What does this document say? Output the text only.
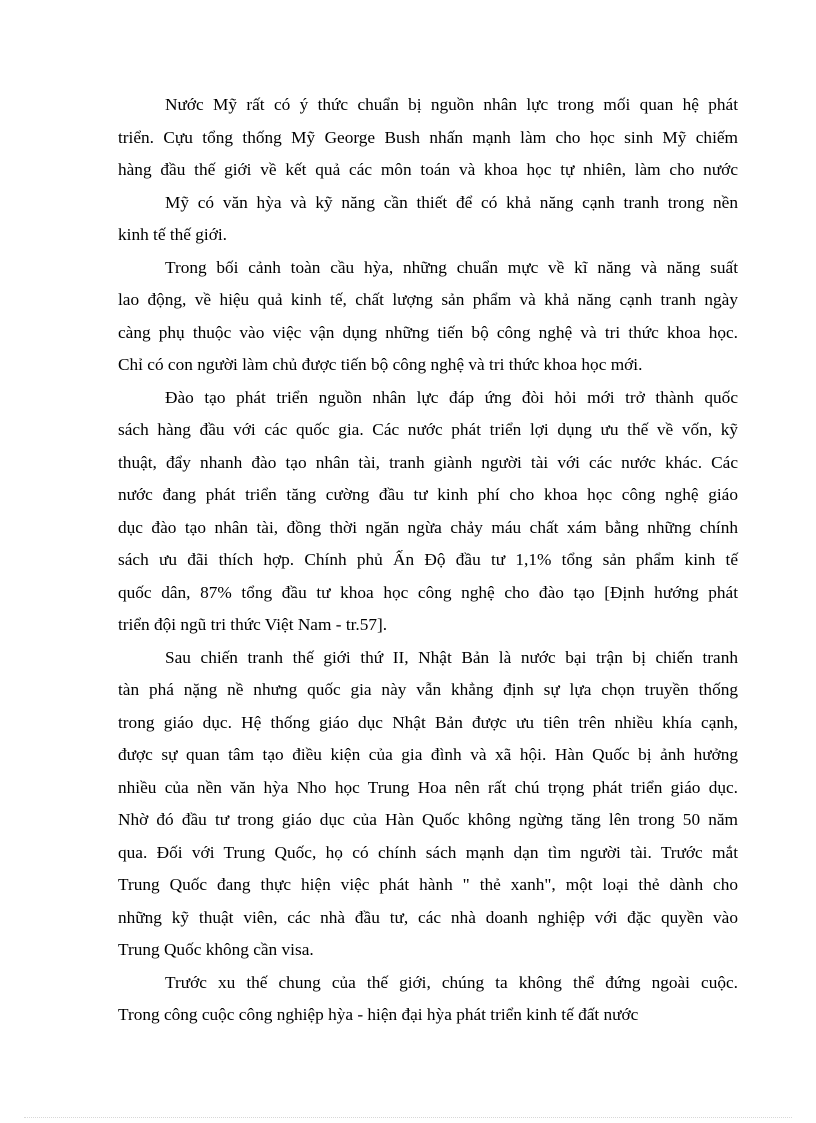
Nước Mỹ rất có ý thức chuẩn bị nguồn nhân lực trong mối quan hệ phát
triển. Cựu tổng thống Mỹ George Bush nhấn mạnh làm cho học sinh Mỹ chiếm
hàng đầu thế giới về kết quả các môn toán và khoa học tự nhiên, làm cho nước
Mỹ có văn hỳa và kỹ năng cần thiết để có khả năng cạnh tranh trong nền
kinh tế thế giới.

Trong bối cảnh toàn cầu hỳa, những chuẩn mực về kĩ năng và năng suất
lao động, về hiệu quả kinh tế, chất lượng sản phẩm và khả năng cạnh tranh ngày
càng phụ thuộc vào việc vận dụng những tiến bộ công nghệ và tri thức khoa học.
Chỉ có con người làm chủ được tiến bộ công nghệ và tri thức khoa học mới.

Đào tạo phát triển nguồn nhân lực đáp ứng đòi hỏi mới trở thành quốc
sách hàng đầu với các quốc gia. Các nước phát triển lợi dụng ưu thế về vốn, kỹ
thuật, đẩy nhanh đào tạo nhân tài, tranh giành người tài với các nước khác. Các
nước đang phát triển tăng cường đầu tư kinh phí cho khoa học công nghệ giáo
dục đào tạo nhân tài, đồng thời ngăn ngừa chảy máu chất xám bằng những chính
sách ưu đãi thích hợp. Chính phủ Ấn Độ đầu tư 1,1% tổng sản phẩm kinh tế
quốc dân, 87% tổng đầu tư khoa học công nghệ cho đào tạo [Định hướng phát
triển đội ngũ tri thức Việt Nam - tr.57].

Sau chiến tranh thế giới thứ II, Nhật Bản là nước bại trận bị chiến tranh
tàn phá nặng nề nhưng quốc gia này vẫn khẳng định sự lựa chọn truyền thống
trong giáo dục. Hệ thống giáo dục Nhật Bản được ưu tiên trên nhiều khía cạnh,
được sự quan tâm tạo điều kiện của gia đình và xã hội. Hàn Quốc bị ảnh hưởng
nhiều của nền văn hỳa Nho học Trung Hoa nên rất chú trọng phát triển giáo dục.
Nhờ đó đầu tư trong giáo dục của Hàn Quốc không ngừng tăng lên trong 50 năm
qua. Đối với Trung Quốc, họ có chính sách mạnh dạn tìm người tài. Trước mắt
Trung Quốc đang thực hiện việc phát hành " thẻ xanh", một loại thẻ dành cho
những kỹ thuật viên, các nhà đầu tư, các nhà doanh nghiệp với đặc quyền vào
Trung Quốc không cần visa.

Trước xu thế chung của thế giới, chúng ta không thể đứng ngoài cuộc.
Trong công cuộc công nghiệp hỳa - hiện đại hỳa phát triển kinh tế đất nước
